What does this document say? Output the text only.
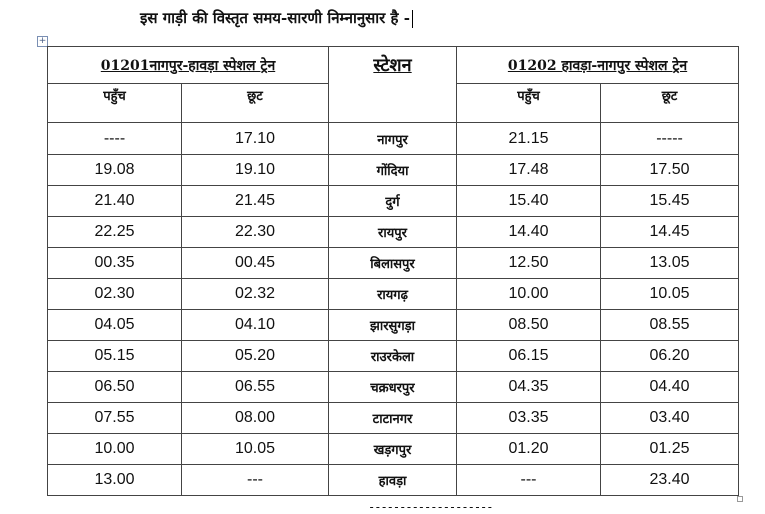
इस गाड़ी की विस्तृत समय-सारणी निम्नानुसार है -
+
01201नागपुर-हावड़ा स्पेशल ट्रेन		स्टेशन	01202 हावड़ा-नागपुर स्पेशल ट्रेन	
पहुँच	छूट		पहुँच	छूट
----	17.10	नागपुर	21.15	-----
19.08	19.10	गोंदिया	17.48	17.50
21.40	21.45	दुर्ग	15.40	15.45
22.25	22.30	रायपुर	14.40	14.45
00.35	00.45	बिलासपुर	12.50	13.05
02.30	02.32	रायगढ़	10.00	10.05
04.05	04.10	झारसुगड़ा	08.50	08.55
05.15	05.20	राउरकेला	06.15	06.20
06.50	06.55	चक्रधरपुर	04.35	04.40
07.55	08.00	टाटानगर	03.35	03.40
10.00	10.05	खड़गपुर	01.20	01.25
13.00	---	हावड़ा	---	23.40
--------------------
